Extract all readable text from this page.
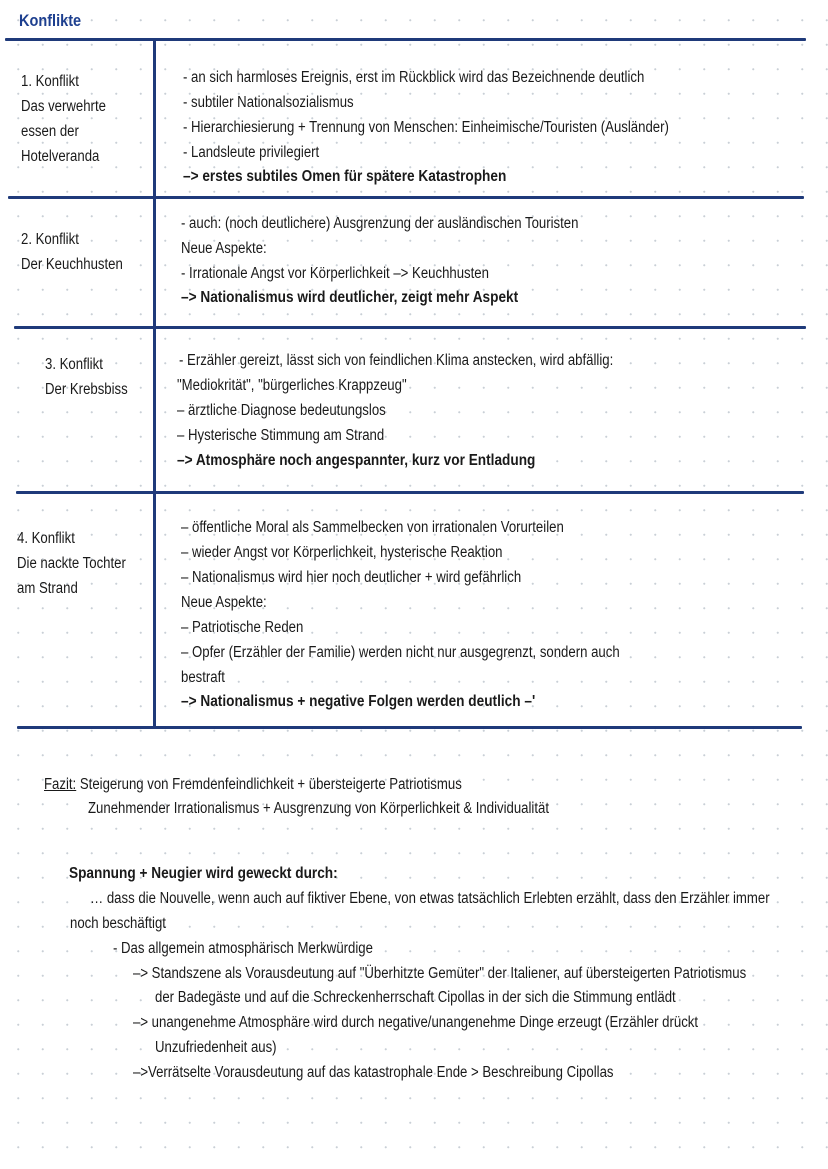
Konflikte
1. Konflikt
Das verwehrte
essen der
Hotelveranda
- an sich harmloses Ereignis, erst im Rückblick wird das Bezeichnende deutlich
- subtiler Nationalsozialismus
- Hierarchiesierung + Trennung von Menschen: Einheimische/Touristen (Ausländer)
- Landsleute privilegiert
–> erstes subtiles Omen für spätere Katastrophen
2. Konflikt
Der Keuchhusten
- auch: (noch deutlichere) Ausgrenzung der ausländischen Touristen
Neue Aspekte:
- Irrationale Angst vor Körperlichkeit –> Keuchhusten
–> Nationalismus wird deutlicher, zeigt mehr Aspekt
3. Konflikt
Der Krebsbiss
- Erzähler gereizt, lässt sich von feindlichen Klima anstecken, wird abfällig:
"Mediokrität", "bürgerliches Krappzeug"
– ärztliche Diagnose bedeutungslos
– Hysterische Stimmung am Strand
–> Atmosphäre noch angespannter, kurz vor Entladung
4. Konflikt
Die nackte Tochter
am Strand
– öffentliche Moral als Sammelbecken von irrationalen Vorurteilen
– wieder Angst vor Körperlichkeit, hysterische Reaktion
– Nationalismus wird hier noch deutlicher + wird gefährlich
Neue Aspekte:
– Patriotische Reden
– Opfer (Erzähler der Familie) werden nicht nur ausgegrenzt, sondern auch
bestraft
–> Nationalismus + negative Folgen werden deutlich –'
Fazit: Steigerung von Fremdenfeindlichkeit + übersteigerte Patriotismus
Zunehmender Irrationalismus + Ausgrenzung von Körperlichkeit & Individualität
Spannung + Neugier wird geweckt durch:
… dass die Nouvelle, wenn auch auf fiktiver Ebene, von etwas tatsächlich Erlebten erzählt, dass den Erzähler immer
noch beschäftigt
- Das allgemein atmosphärisch Merkwürdige
–> Standszene als Vorausdeutung auf "Überhitzte Gemüter" der Italiener, auf übersteigerten Patriotismus
der Badegäste und auf die Schreckenherrschaft Cipollas in der sich die Stimmung entlädt
–> unangenehme Atmosphäre wird durch negative/unangenehme Dinge erzeugt (Erzähler drückt
Unzufriedenheit aus)
–>Verrätselte Vorausdeutung auf das katastrophale Ende > Beschreibung Cipollas
